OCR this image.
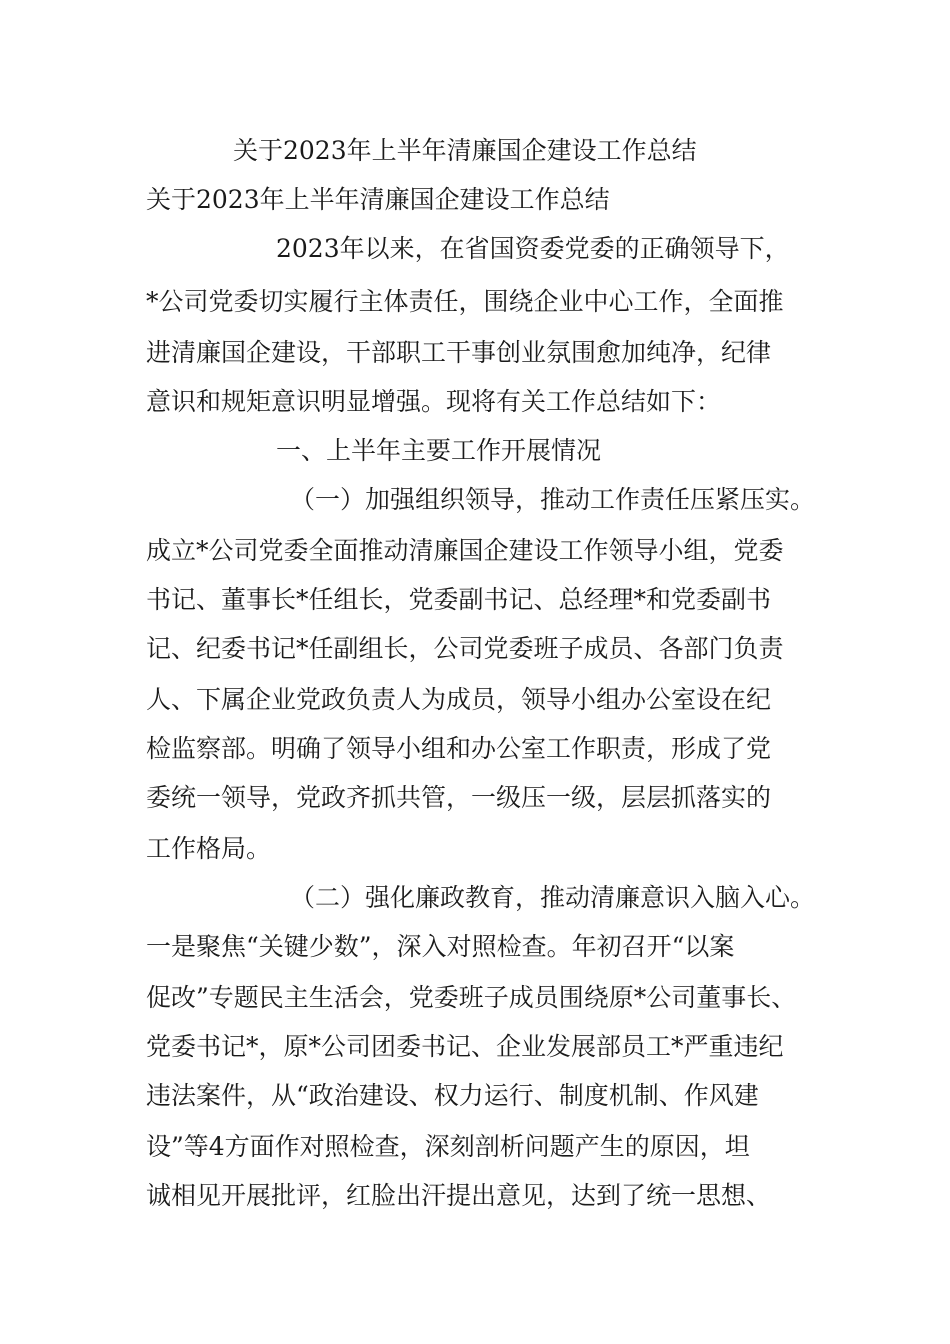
关于2023年上半年清廉国企建设工作总结
关于2023年上半年清廉国企建设工作总结
2023年以来，在省国资委党委的正确领导下，
*公司党委切实履行主体责任，围绕企业中心工作，全面推
进清廉国企建设，干部职工干事创业氛围愈加纯净，纪律
意识和规矩意识明显增强。现将有关工作总结如下：
一、上半年主要工作开展情况
（一）加强组织领导，推动工作责任压紧压实。
成立*公司党委全面推动清廉国企建设工作领导小组，党委
书记、董事长*任组长，党委副书记、总经理*和党委副书
记、纪委书记*任副组长，公司党委班子成员、各部门负责
人、下属企业党政负责人为成员，领导小组办公室设在纪
检监察部。明确了领导小组和办公室工作职责，形成了党
委统一领导，党政齐抓共管，一级压一级，层层抓落实的
工作格局。
（二）强化廉政教育，推动清廉意识入脑入心。
一是聚焦“关键少数”，深入对照检查。年初召开“以案
促改”专题民主生活会，党委班子成员围绕原*公司董事长、
党委书记*，原*公司团委书记、企业发展部员工*严重违纪
违法案件，从“政治建设、权力运行、制度机制、作风建
设”等4方面作对照检查，深刻剖析问题产生的原因，坦
诚相见开展批评，红脸出汗提出意见，达到了统一思想、
